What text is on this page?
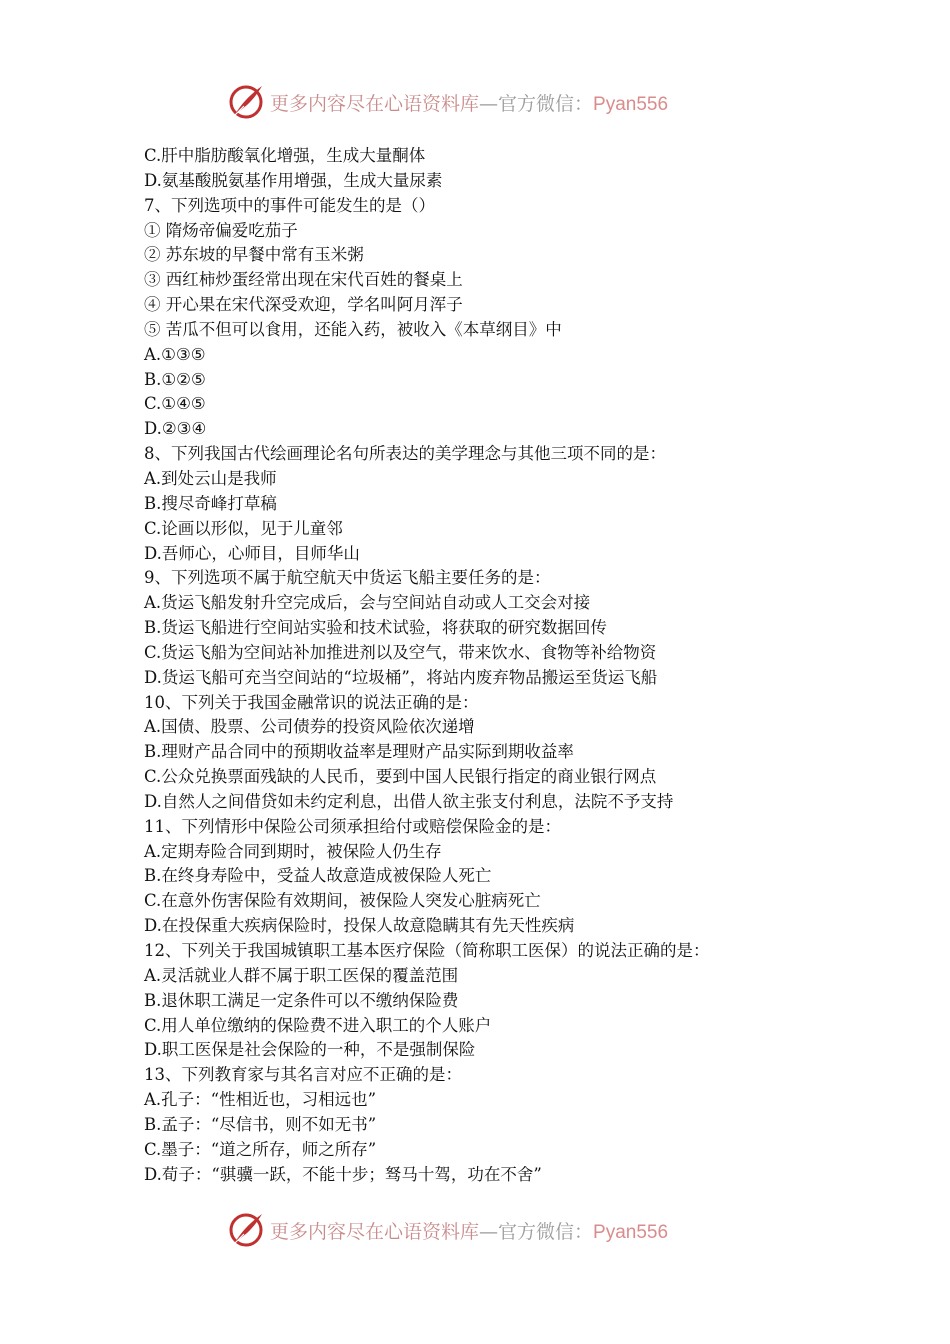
更多内容尽在心语资料库—官方微信：Pyan556
C.肝中脂肪酸氧化增强，生成大量酮体
D.氨基酸脱氨基作用增强，生成大量尿素
7、下列选项中的事件可能发生的是（）
① 隋炀帝偏爱吃茄子
② 苏东坡的早餐中常有玉米粥
③ 西红柿炒蛋经常出现在宋代百姓的餐桌上
④ 开心果在宋代深受欢迎，学名叫阿月浑子
⑤ 苦瓜不但可以食用，还能入药，被收入《本草纲目》中
A.①③⑤
B.①②⑤
C.①④⑤
D.②③④
8、下列我国古代绘画理论名句所表达的美学理念与其他三项不同的是：
A.到处云山是我师
B.搜尽奇峰打草稿
C.论画以形似，见于儿童邻
D.吾师心，心师目，目师华山
9、下列选项不属于航空航天中货运飞船主要任务的是：
A.货运飞船发射升空完成后，会与空间站自动或人工交会对接
B.货运飞船进行空间站实验和技术试验，将获取的研究数据回传
C.货运飞船为空间站补加推进剂以及空气，带来饮水、食物等补给物资
D.货运飞船可充当空间站的“垃圾桶”，将站内废弃物品搬运至货运飞船
10、下列关于我国金融常识的说法正确的是：
A.国债、股票、公司债券的投资风险依次递增
B.理财产品合同中的预期收益率是理财产品实际到期收益率
C.公众兑换票面残缺的人民币，要到中国人民银行指定的商业银行网点
D.自然人之间借贷如未约定利息，出借人欲主张支付利息，法院不予支持
11、下列情形中保险公司须承担给付或赔偿保险金的是：
A.定期寿险合同到期时，被保险人仍生存
B.在终身寿险中，受益人故意造成被保险人死亡
C.在意外伤害保险有效期间，被保险人突发心脏病死亡
D.在投保重大疾病保险时，投保人故意隐瞒其有先天性疾病
12、下列关于我国城镇职工基本医疗保险（简称职工医保）的说法正确的是：
A.灵活就业人群不属于职工医保的覆盖范围
B.退休职工满足一定条件可以不缴纳保险费
C.用人单位缴纳的保险费不进入职工的个人账户
D.职工医保是社会保险的一种，不是强制保险
13、下列教育家与其名言对应不正确的是：
A.孔子：“性相近也，习相远也”
B.孟子：“尽信书，则不如无书”
C.墨子：“道之所存，师之所存”
D.荀子：“骐骥一跃，不能十步；驽马十驾，功在不舍”
更多内容尽在心语资料库—官方微信：Pyan556
